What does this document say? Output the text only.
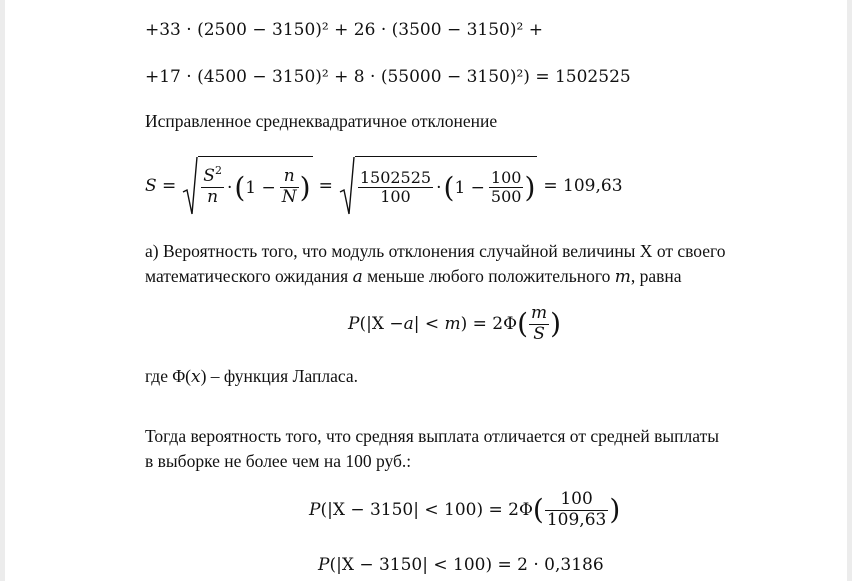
+33 · (2500 − 3150)² + 26 · (3500 − 3150)² +
+17 · (4500 − 3150)² + 8 · (55000 − 3150)²) = 1502525
Исправленное среднеквадратичное отклонение
$S = \frac{S^2}{n}$ · ( $1 - \frac{n}{N}$ ) = $\frac{1502525}{100}$ · ( $1 - \frac{100}{500}$ ) = 109,63
а) Вероятность того, что модуль отклонения случайной величины X от своего
математического ожидания a меньше любого положительного m, равна
P (|X − a | < m ) = 2Φ ( $\frac{m}{S}$ )
где Φ(x) – функция Лапласа.
Тогда вероятность того, что средняя выплата отличается от средней выплаты
в выборке не более чем на 100 руб.:
P (|X − 3150| < 100) = 2Φ ( $\frac{100}{109,63}$ )
P(|X − 3150| < 100) = 2 · 0,3186
